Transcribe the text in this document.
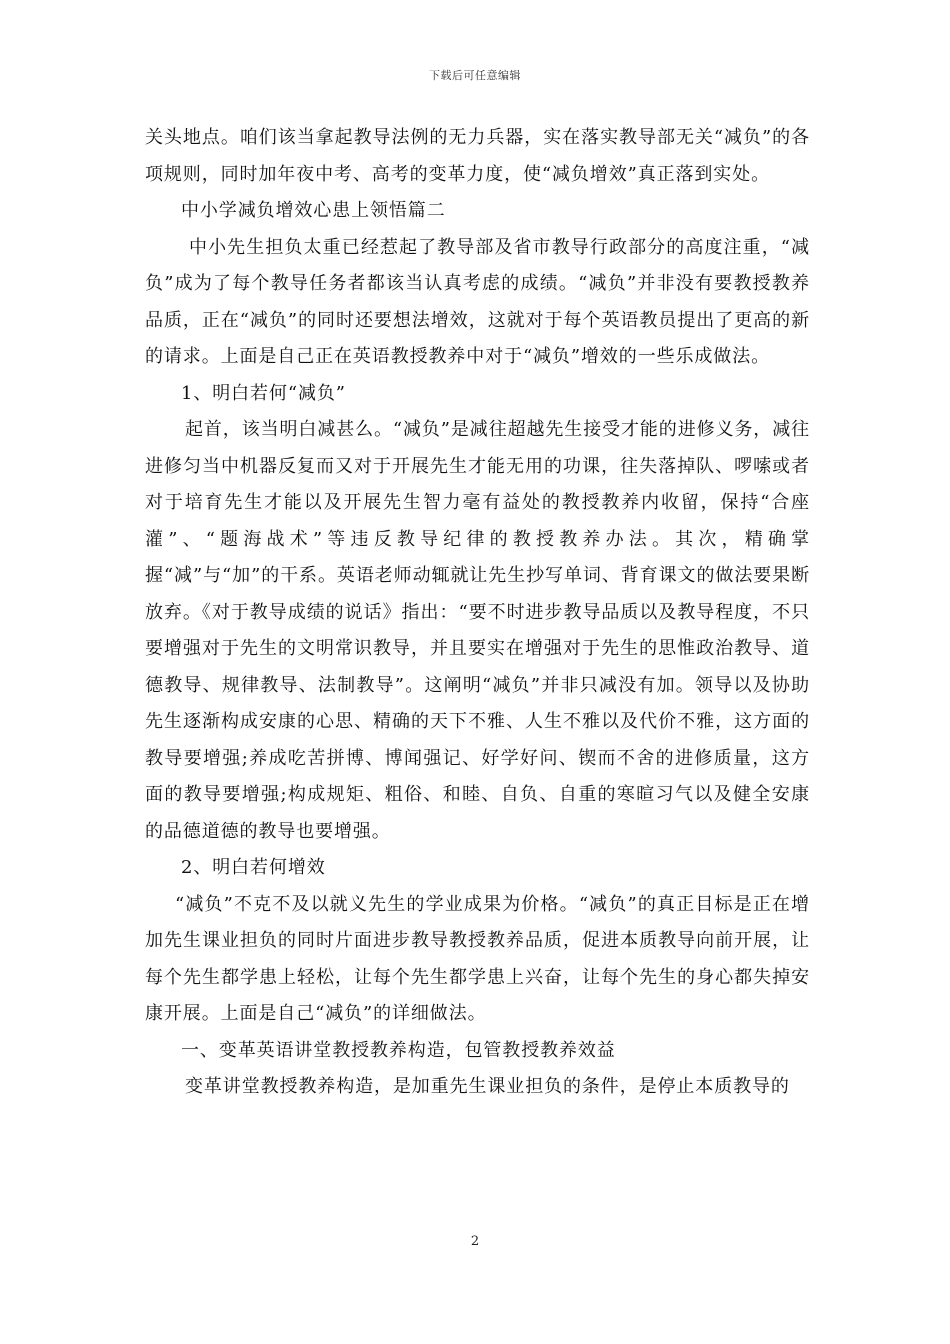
下载后可任意编辑

关头地点。咱们该当拿起教导法例的无力兵器，实在落实教导部无关“减负”的各项规则，同时加年夜中考、高考的变革力度，使“减负增效”真正落到实处。

中小学减负增效心患上领悟篇二

中小先生担负太重已经惹起了教导部及省市教导行政部分的高度注重，“减负”成为了每个教导任务者都该当认真考虑的成绩。“减负”并非没有要教授教养品质，正在“减负”的同时还要想法增效，这就对于每个英语教员提出了更高的新的请求。上面是自己正在英语教授教养中对于“减负”增效的一些乐成做法。

1、明白若何“减负”

起首，该当明白减甚么。“减负”是减往超越先生接受才能的进修义务，减往进修匀当中机器反复而又对于开展先生才能无用的功课，往失落掉队、啰嗦或者对于培育先生才能以及开展先生智力毫有益处的教授教养内收留，保持“合座灌”、“题海战术”等违反教导纪律的教授教养办法。其次，精确掌握“减”与“加”的干系。英语老师动辄就让先生抄写单词、背育课文的做法要果断放弃。《对于教导成绩的说话》指出：“要不时进步教导品质以及教导程度，不只要增强对于先生的文明常识教导，并且要实在增强对于先生的思惟政治教导、道德教导、规律教导、法制教导”。这阐明“减负”并非只减没有加。领导以及协助先生逐渐构成安康的心思、精确的天下不雅、人生不雅以及代价不雅，这方面的教导要增强;养成吃苦拼博、博闻强记、好学好问、锲而不舍的进修质量，这方面的教导要增强;构成规矩、粗俗、和睦、自负、自重的寒暄习气以及健全安康的品德道德的教导也要增强。

2、明白若何增效

“减负”不克不及以就义先生的学业成果为价格。“减负”的真正目标是正在增加先生课业担负的同时片面进步教导教授教养品质，促进本质教导向前开展，让每个先生都学患上轻松，让每个先生都学患上兴奋，让每个先生的身心都失掉安康开展。上面是自己“减负”的详细做法。

一、变革英语讲堂教授教养构造，包管教授教养效益

变革讲堂教授教养构造，是加重先生课业担负的条件，是停止本质教导的

2
